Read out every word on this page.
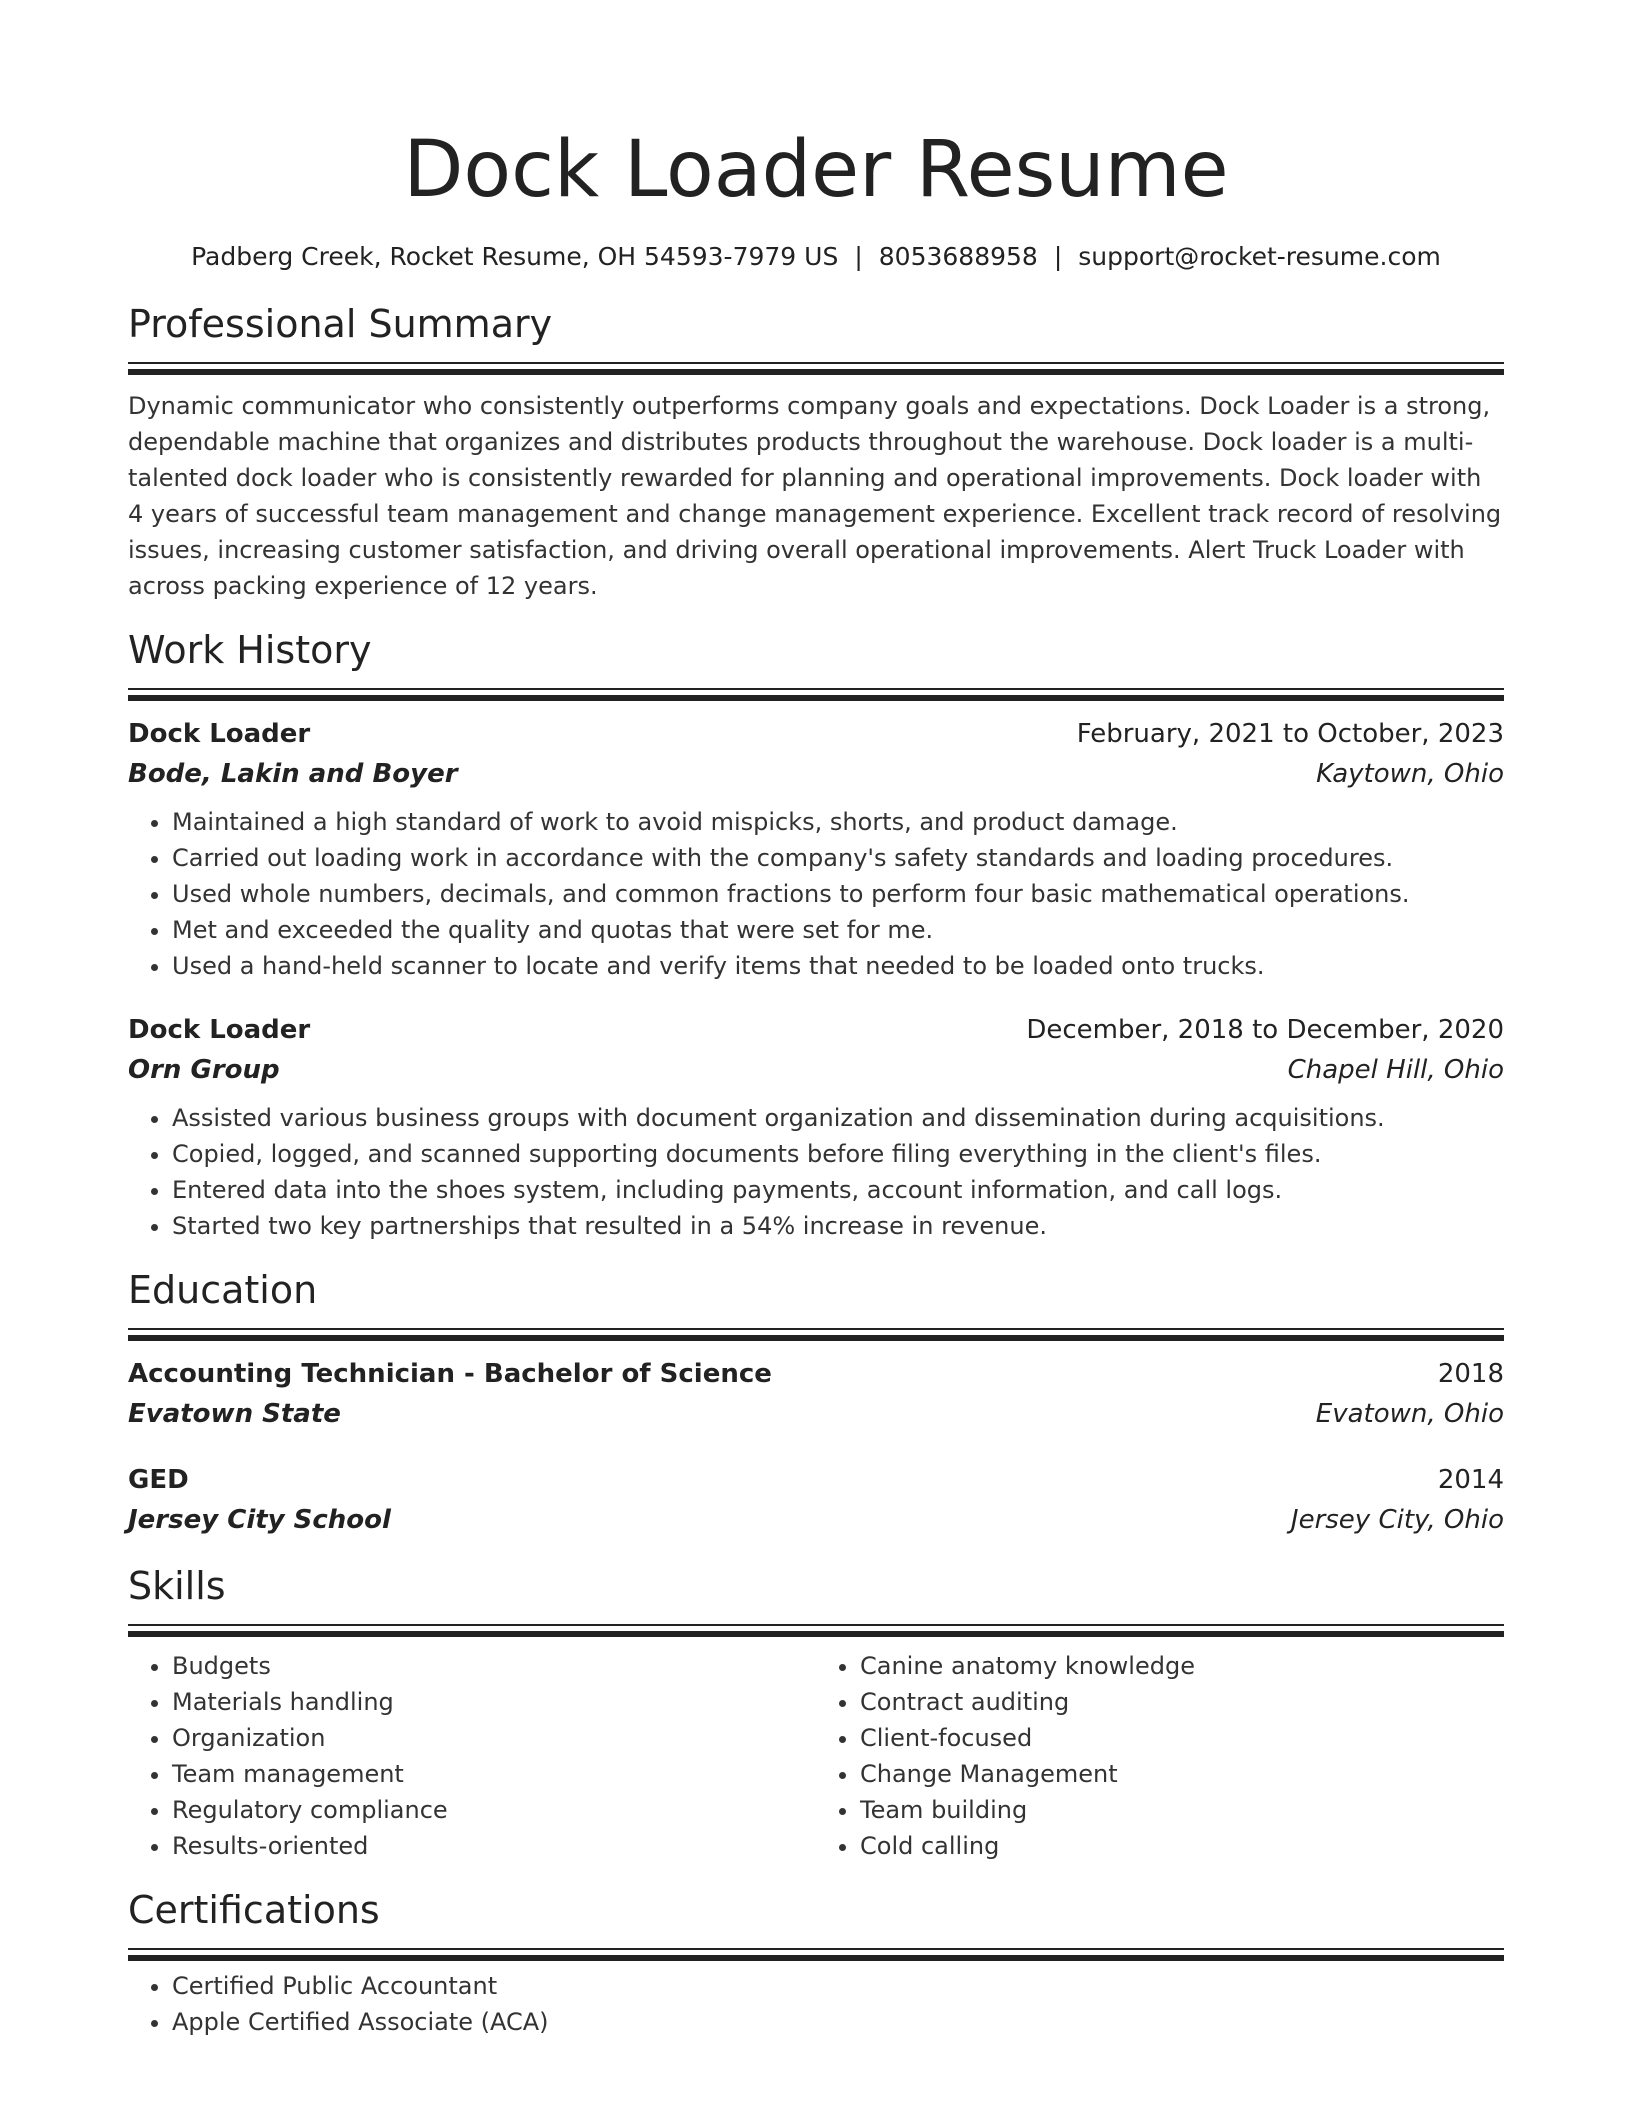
Dock Loader Resume
Padberg Creek, Rocket Resume, OH 54593-7979 US | 8053688958 | support@rocket-resume.com
Professional Summary
Dynamic communicator who consistently outperforms company goals and expectations. Dock Loader is a strong, dependable machine that organizes and distributes products throughout the warehouse. Dock loader is a multi-talented dock loader who is consistently rewarded for planning and operational improvements. Dock loader with 4 years of successful team management and change management experience. Excellent track record of resolving issues, increasing customer satisfaction, and driving overall operational improvements. Alert Truck Loader with across packing experience of 12 years.
Work History
Dock Loader	February, 2021 to October, 2023
Bode, Lakin and Boyer	Kaytown, Ohio
• Maintained a high standard of work to avoid mispicks, shorts, and product damage.
• Carried out loading work in accordance with the company's safety standards and loading procedures.
• Used whole numbers, decimals, and common fractions to perform four basic mathematical operations.
• Met and exceeded the quality and quotas that were set for me.
• Used a hand-held scanner to locate and verify items that needed to be loaded onto trucks.
Dock Loader	December, 2018 to December, 2020
Orn Group	Chapel Hill, Ohio
• Assisted various business groups with document organization and dissemination during acquisitions.
• Copied, logged, and scanned supporting documents before filing everything in the client's files.
• Entered data into the shoes system, including payments, account information, and call logs.
• Started two key partnerships that resulted in a 54% increase in revenue.
Education
Accounting Technician - Bachelor of Science	2018
Evatown State	Evatown, Ohio
GED	2014
Jersey City School	Jersey City, Ohio
Skills
• Budgets
• Materials handling
• Organization
• Team management
• Regulatory compliance
• Results-oriented
• Canine anatomy knowledge
• Contract auditing
• Client-focused
• Change Management
• Team building
• Cold calling
Certifications
• Certified Public Accountant
• Apple Certified Associate (ACA)
